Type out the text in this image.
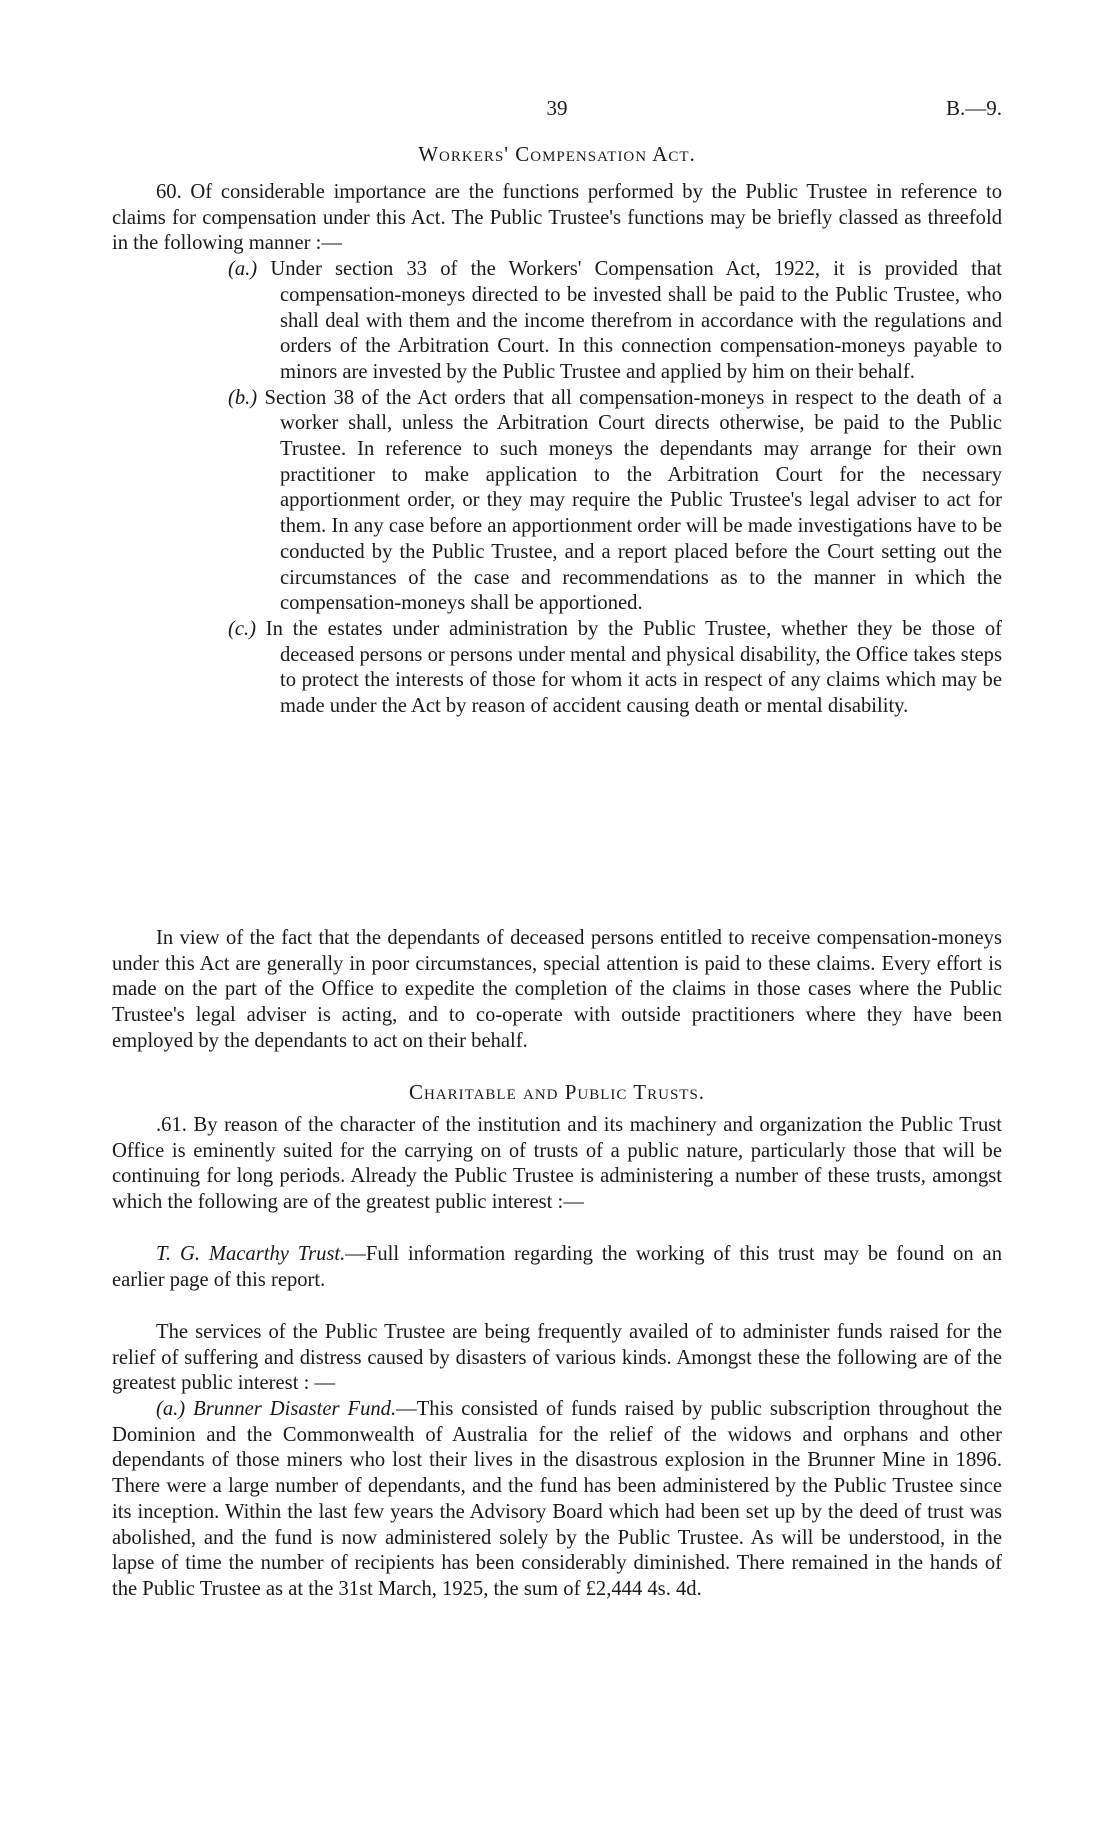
39	B.—9.
Workers' Compensation Act.

60. Of considerable importance are the functions performed by the Public Trustee in reference to claims for compensation under this Act. The Public Trustee's functions may be briefly classed as threefold in the following manner :—

(a.) Under section 33 of the Workers' Compensation Act, 1922, it is provided that compensation-moneys directed to be invested shall be paid to the Public Trustee, who shall deal with them and the income therefrom in accordance with the regulations and orders of the Arbitration Court. In this connection compensation-moneys payable to minors are invested by the Public Trustee and applied by him on their behalf.

(b.) Section 38 of the Act orders that all compensation-moneys in respect to the death of a worker shall, unless the Arbitration Court directs otherwise, be paid to the Public Trustee. In reference to such moneys the dependants may arrange for their own practitioner to make application to the Arbitration Court for the necessary apportionment order, or they may require the Public Trustee's legal adviser to act for them. In any case before an apportionment order will be made investigations have to be conducted by the Public Trustee, and a report placed before the Court setting out the circumstances of the case and recommendations as to the manner in which the compensation-moneys shall be apportioned.

(c.) In the estates under administration by the Public Trustee, whether they be those of deceased persons or persons under mental and physical disability, the Office takes steps to protect the interests of those for whom it acts in respect of any claims which may be made under the Act by reason of accident causing death or mental disability.

In view of the fact that the dependants of deceased persons entitled to receive compensation-moneys under this Act are generally in poor circumstances, special attention is paid to these claims. Every effort is made on the part of the Office to expedite the completion of the claims in those cases where the Public Trustee's legal adviser is acting, and to co-operate with outside practitioners where they have been employed by the dependants to act on their behalf.

Charitable and Public Trusts.

.61. By reason of the character of the institution and its machinery and organization the Public Trust Office is eminently suited for the carrying on of trusts of a public nature, particularly those that will be continuing for long periods. Already the Public Trustee is administering a number of these trusts, amongst which the following are of the greatest public interest :—

T. G. Macarthy Trust.—Full information regarding the working of this trust may be found on an earlier page of this report.

The services of the Public Trustee are being frequently availed of to administer funds raised for the relief of suffering and distress caused by disasters of various kinds. Amongst these the following are of the greatest public interest : —

(a.) Brunner Disaster Fund.—This consisted of funds raised by public subscription throughout the Dominion and the Commonwealth of Australia for the relief of the widows and orphans and other dependants of those miners who lost their lives in the disastrous explosion in the Brunner Mine in 1896. There were a large number of dependants, and the fund has been administered by the Public Trustee since its inception. Within the last few years the Advisory Board which had been set up by the deed of trust was abolished, and the fund is now administered solely by the Public Trustee. As will be understood, in the lapse of time the number of recipients has been considerably diminished. There remained in the hands of the Public Trustee as at the 31st March, 1925, the sum of £2,444 4s. 4d.
